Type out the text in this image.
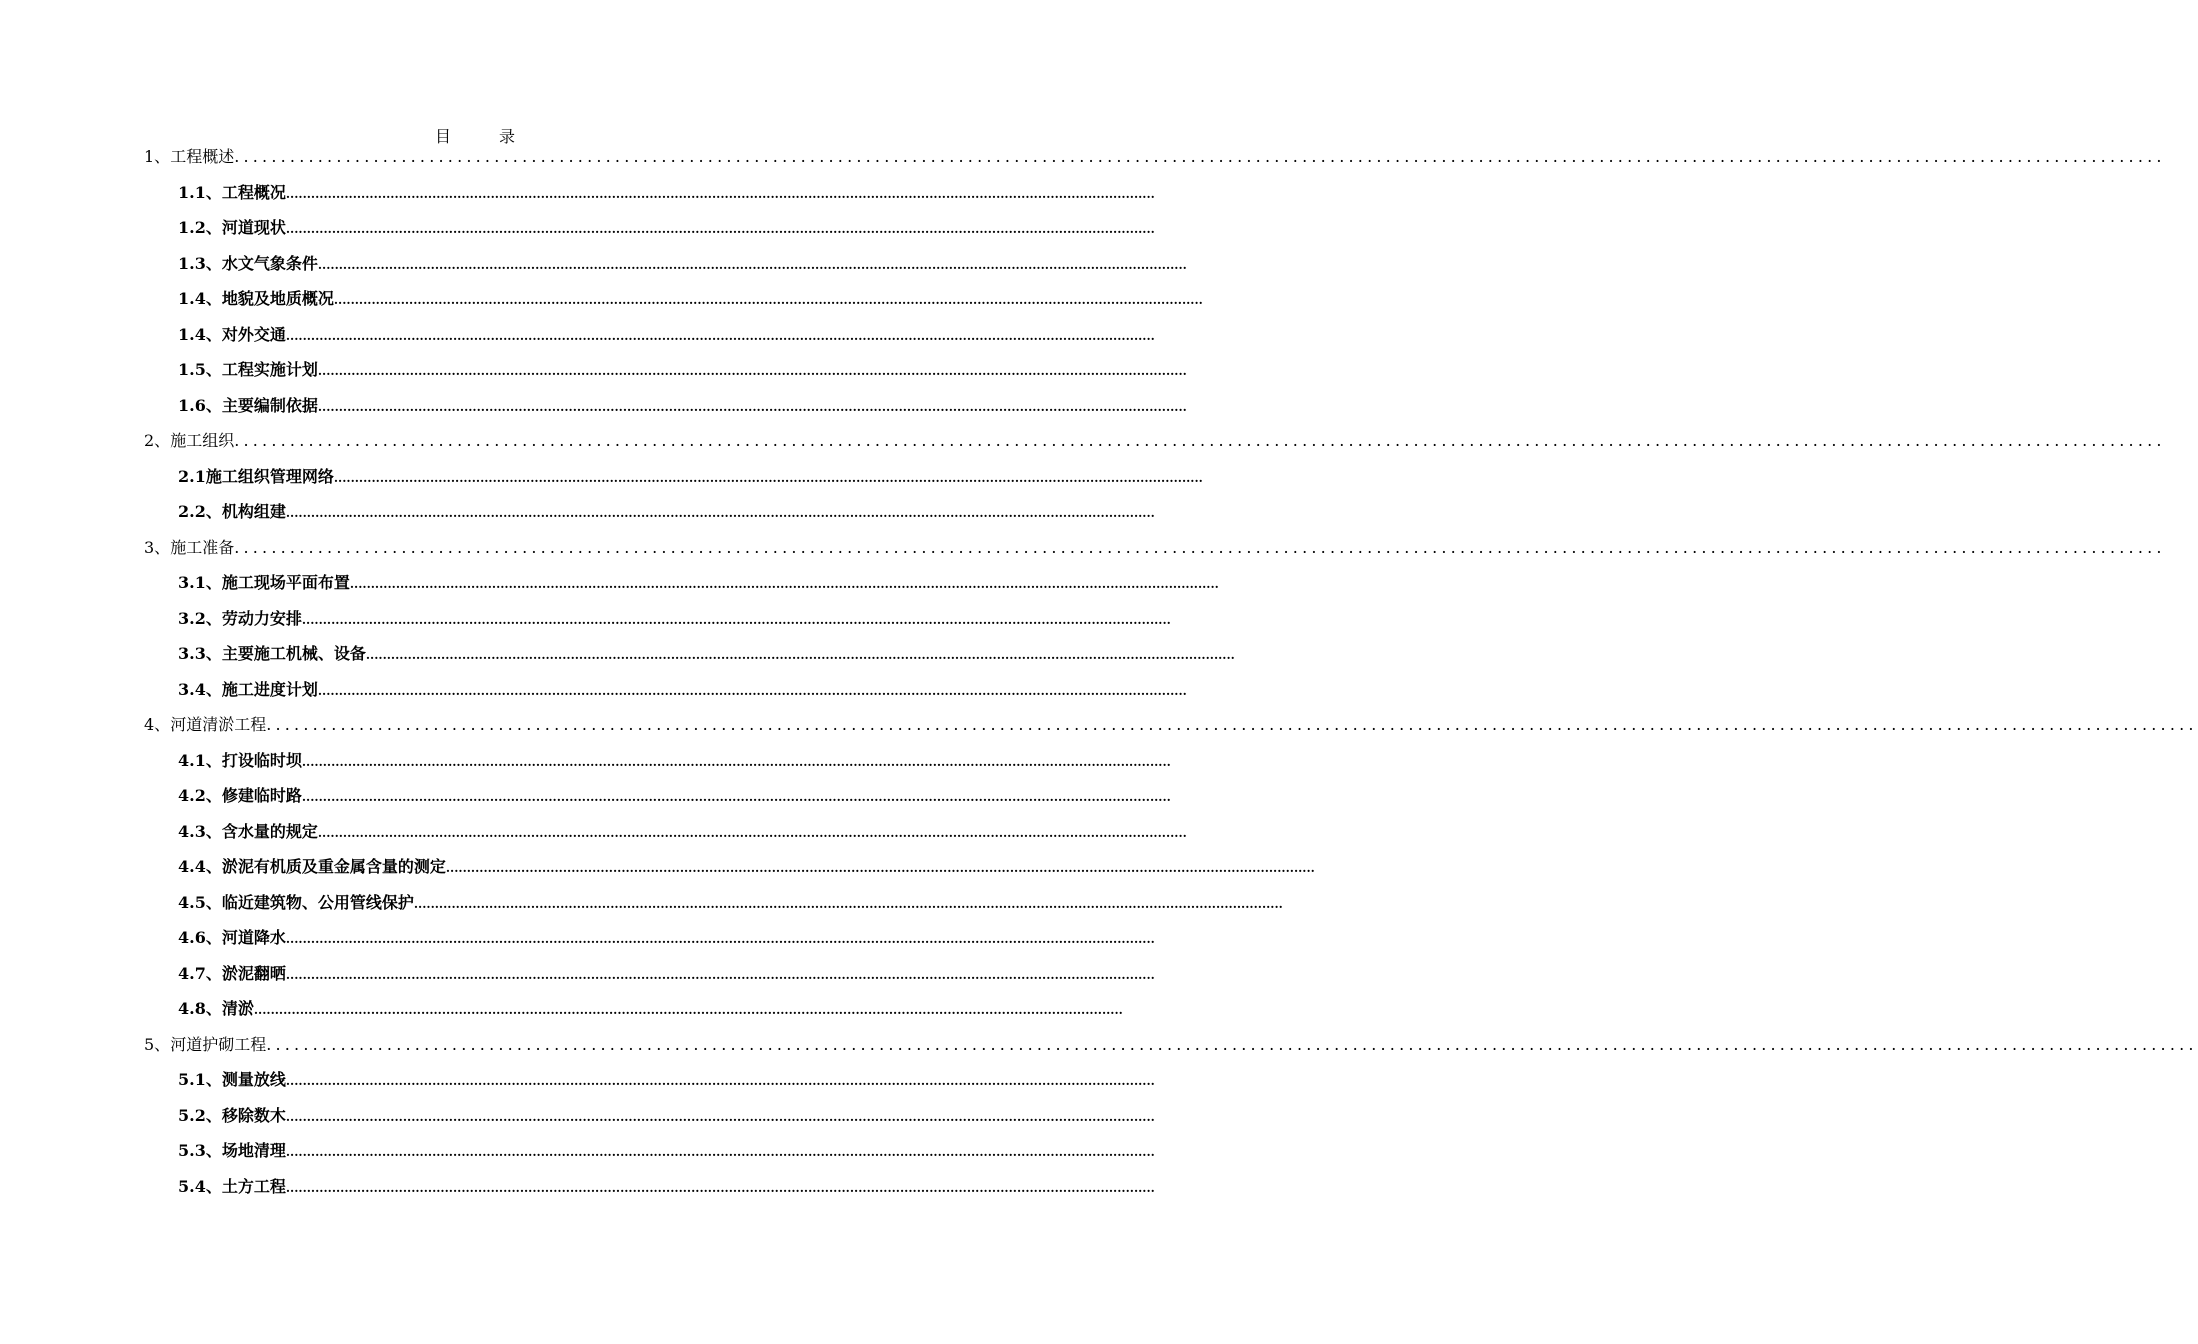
目	录
1、 工程概述 ................................................................................................................................................................................................................
1.1、 工程概况 ................................................................................................................................................................................................................
1.2、 河道现状 ................................................................................................................................................................................................................
1.3、 水文气象条件 ................................................................................................................................................................................................................
1.4、 地貌及地质概况 ................................................................................................................................................................................................................
1.4、 对外交通 ................................................................................................................................................................................................................
1.5、 工程实施计划 ................................................................................................................................................................................................................
1.6、 主要编制依据 ................................................................................................................................................................................................................
2、 施工组织 ................................................................................................................................................................................................................
2.1 施工组织管理网络 ................................................................................................................................................................................................................
2.2、 机构组建 ................................................................................................................................................................................................................
3、 施工准备 ................................................................................................................................................................................................................
3.1、 施工现场平面布置 ................................................................................................................................................................................................................
3.2、 劳动力安排 ................................................................................................................................................................................................................
3.3、 主要施工机械、设备 ................................................................................................................................................................................................................
3.4、 施工进度计划 ................................................................................................................................................................................................................
4、 河道清淤工程 ................................................................................................................................................................................................................
4.1、 打设临时坝 ................................................................................................................................................................................................................
4.2、 修建临时路 ................................................................................................................................................................................................................
4.3、 含水量的规定 ................................................................................................................................................................................................................
4.4、 淤泥有机质及重金属含量的测定 ................................................................................................................................................................................................................
4.5、 临近建筑物、公用管线保护 ................................................................................................................................................................................................................
4.6、 河道降水 ................................................................................................................................................................................................................
4.7、 淤泥翻晒 ................................................................................................................................................................................................................
4.8、 清淤 ................................................................................................................................................................................................................
5、 河道护砌工程 ................................................................................................................................................................................................................
5.1、 测量放线 ................................................................................................................................................................................................................
5.2、 移除数木 ................................................................................................................................................................................................................
5.3、 场地清理 ................................................................................................................................................................................................................
5.4、 土方工程 ................................................................................................................................................................................................................
